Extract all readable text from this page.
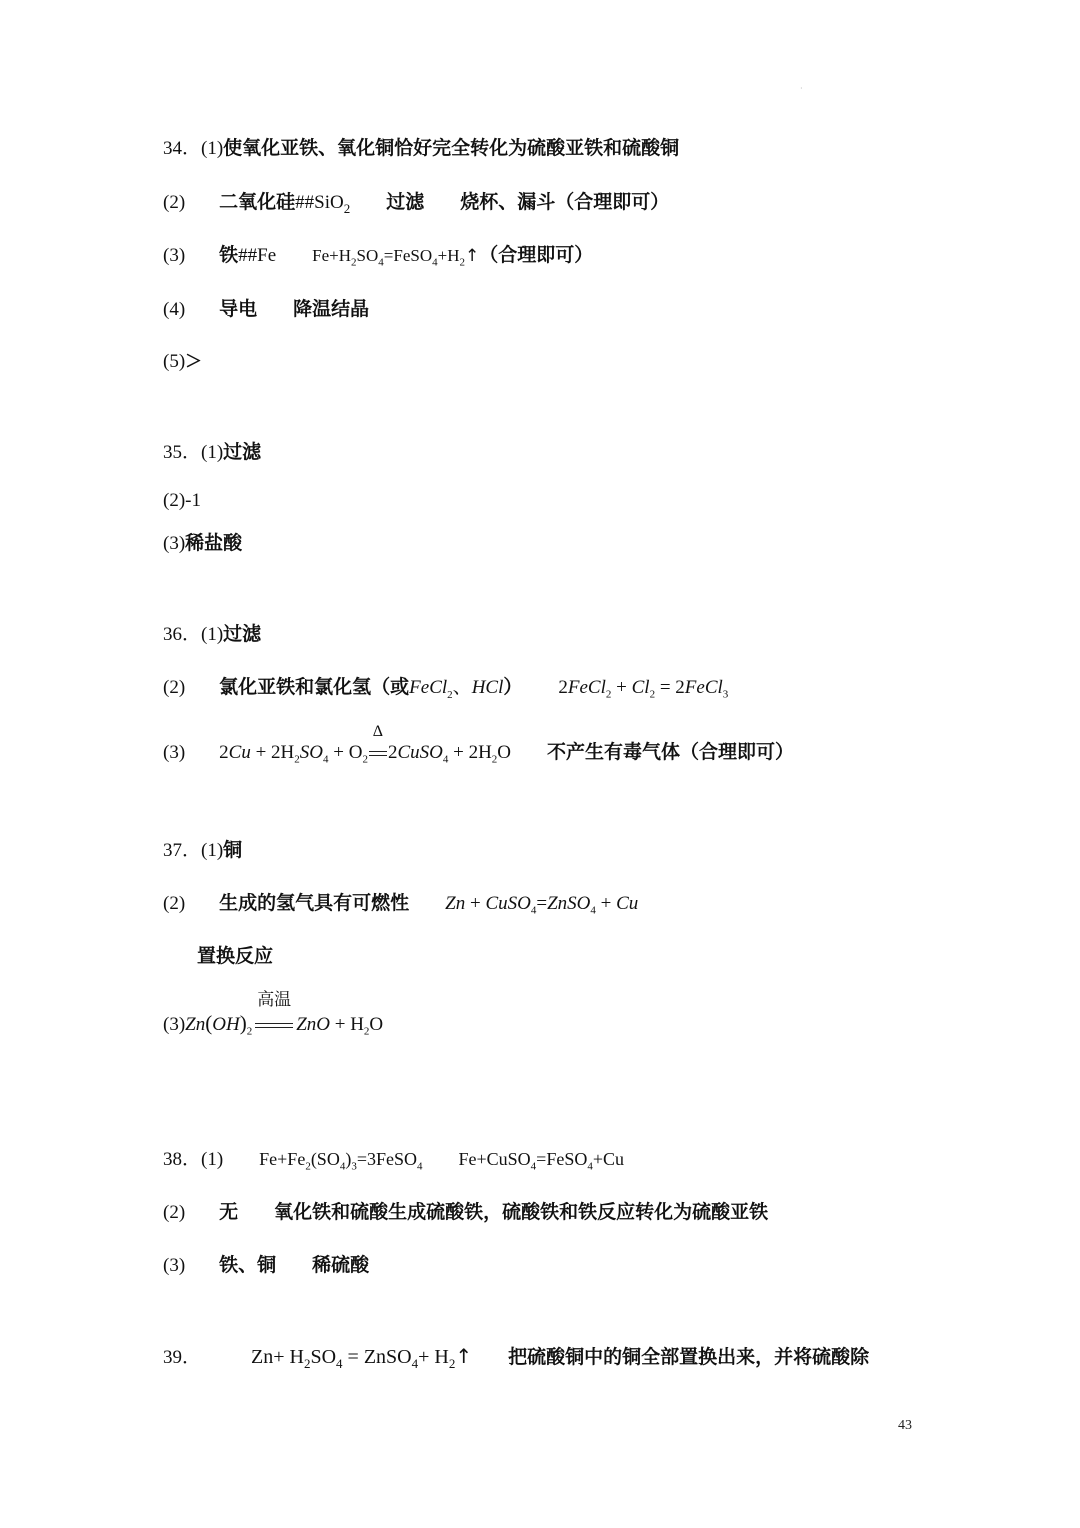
·
34．(1)使氧化亚铁、氧化铜恰好完全转化为硫酸亚铁和硫酸铜
(2) 二氧化硅##SiO$_2$ 过滤 烧杯、漏斗（合理即可）
(3) 铁##Fe $Fe+H_2SO_4=FeSO_4+H_2↑$（合理即可）
(4) 导电 降温结晶
(5)＞
35．(1)过滤
(2)-1
(3)稀盐酸
36．(1)过滤
(2) 氯化亚铁和氯化氢（或FeCl$_2$、HCl） 2FeCl$_2$ + $Cl_2$ = 2FeCl$_3$
(3) $2Cu + 2H_2SO_4 + O_2$
Δ
2CuSO$_4$ + $2H_2O$ 不产生有毒气体（合理即可）
37．(1)铜
(2) 生成的氢气具有可燃性 Zn + CuSO$_4$=ZnSO$_4$ + Cu
置换反应
$(3)Zn(OH)_2$
高温
ZnO + $H_2O$
38．(1) $Fe+Fe_2(SO_4)_3=3FeSO_4$ Fe+CuSO$_4$=FeSO$_4$+Cu
(2) 无 氧化铁和硫酸生成硫酸铁，硫酸铁和铁反应转化为硫酸亚铁
(3) 铁、铜 稀硫酸
39．	$Zn+ H_2SO_4$ = ZnSO$_4$+ $H_2↑$ 把硫酸铜中的铜全部置换出来，并将硫酸除
43
